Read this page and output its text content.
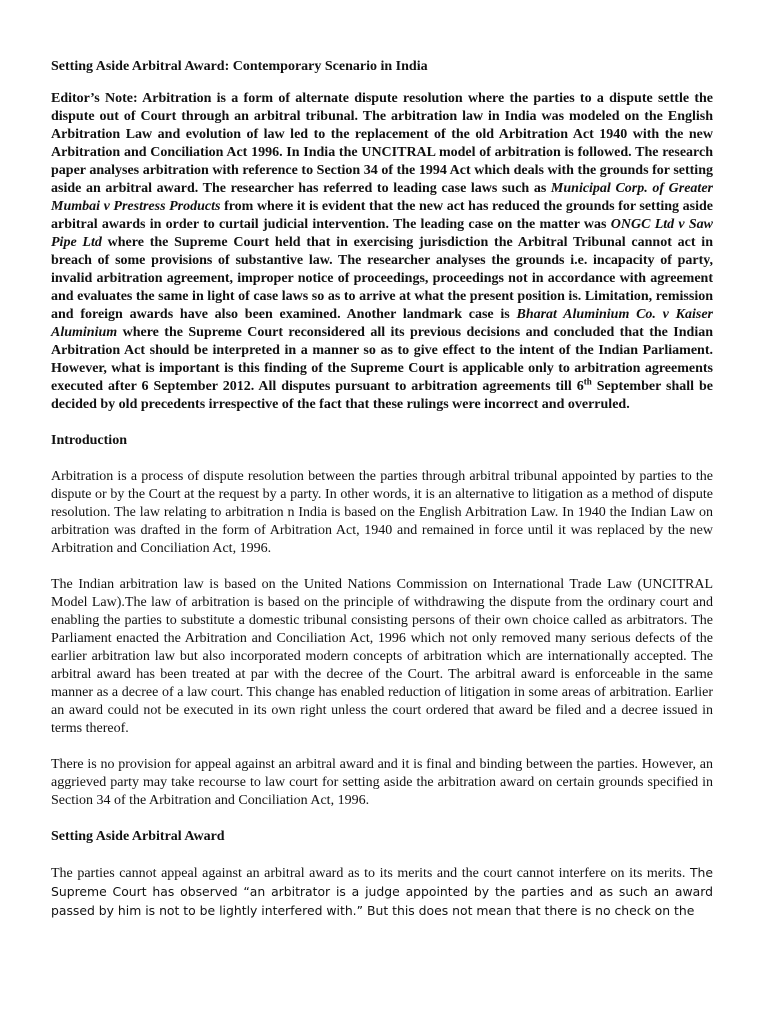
Setting Aside Arbitral Award: Contemporary Scenario in India

Editor’s Note: Arbitration is a form of alternate dispute resolution where the parties to a dispute settle the dispute out of Court through an arbitral tribunal. The arbitration law in India was modeled on the English Arbitration Law and evolution of law led to the replacement of the old Arbitration Act 1940 with the new Arbitration and Conciliation Act 1996. In India the UNCITRAL model of arbitration is followed. The research paper analyses arbitration with reference to Section 34 of the 1994 Act which deals with the grounds for setting aside an arbitral award. The researcher has referred to leading case laws such as Municipal Corp. of Greater Mumbai v Prestress Products from where it is evident that the new act has reduced the grounds for setting aside arbitral awards in order to curtail judicial intervention. The leading case on the matter was ONGC Ltd v Saw Pipe Ltd where the Supreme Court held that in exercising jurisdiction the Arbitral Tribunal cannot act in breach of some provisions of substantive law. The researcher analyses the grounds i.e. incapacity of party, invalid arbitration agreement, improper notice of proceedings, proceedings not in accordance with agreement and evaluates the same in light of case laws so as to arrive at what the present position is. Limitation, remission and foreign awards have also been examined. Another landmark case is Bharat Aluminium Co. v Kaiser Aluminium where the Supreme Court reconsidered all its previous decisions and concluded that the Indian Arbitration Act should be interpreted in a manner so as to give effect to the intent of the Indian Parliament. However, what is important is this finding of the Supreme Court is applicable only to arbitration agreements executed after 6 September 2012. All disputes pursuant to arbitration agreements till 6th September shall be decided by old precedents irrespective of the fact that these rulings were incorrect and overruled.

Introduction

Arbitration is a process of dispute resolution between the parties through arbitral tribunal appointed by parties to the dispute or by the Court at the request by a party. In other words, it is an alternative to litigation as a method of dispute resolution. The law relating to arbitration n India is based on the English Arbitration Law. In 1940 the Indian Law on arbitration was drafted in the form of Arbitration Act, 1940 and remained in force until it was replaced by the new Arbitration and Conciliation Act, 1996.

The Indian arbitration law is based on the United Nations Commission on International Trade Law (UNCITRAL Model Law).The law of arbitration is based on the principle of withdrawing the dispute from the ordinary court and enabling the parties to substitute a domestic tribunal consisting persons of their own choice called as arbitrators. The Parliament enacted the Arbitration and Conciliation Act, 1996 which not only removed many serious defects of the earlier arbitration law but also incorporated modern concepts of arbitration which are internationally accepted. The arbitral award has been treated at par with the decree of the Court. The arbitral award is enforceable in the same manner as a decree of a law court. This change has enabled reduction of litigation in some areas of arbitration. Earlier an award could not be executed in its own right unless the court ordered that award be filed and a decree issued in terms thereof.

There is no provision for appeal against an arbitral award and it is final and binding between the parties. However, an aggrieved party may take recourse to law court for setting aside the arbitration award on certain grounds specified in Section 34 of the Arbitration and Conciliation Act, 1996.

Setting Aside Arbitral Award

The parties cannot appeal against an arbitral award as to its merits and the court cannot interfere on its merits. The Supreme Court has observed “an arbitrator is a judge appointed by the parties and as such an award passed by him is not to be lightly interfered with.” But this does not mean that there is no check on the
